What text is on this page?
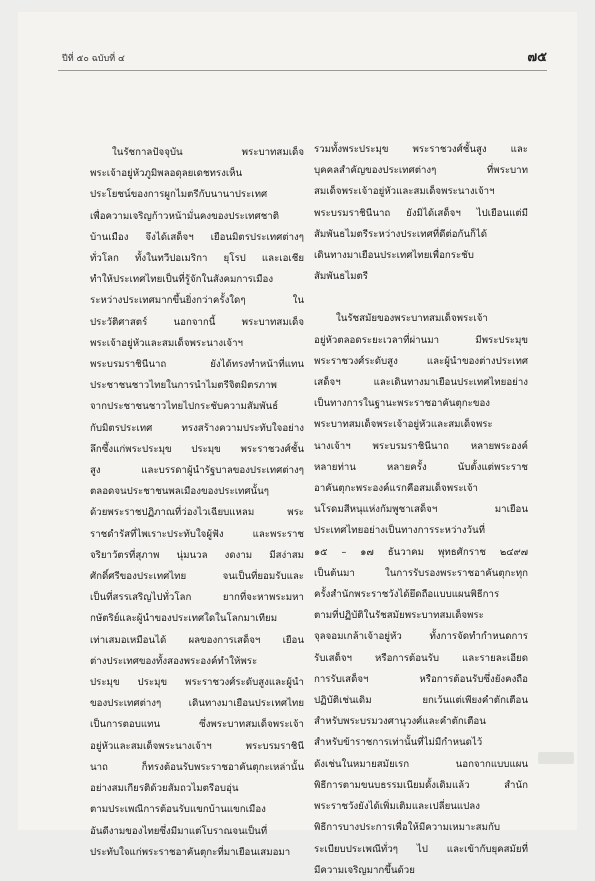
ปีที่ ๕๐ ฉบับที่ ๔	๗๕

ในรัชกาลปัจจุบัน พระบาทสมเด็จ
พระเจ้าอยู่หัวภูมิพลอดุลยเดชทรงเห็น
ประโยชน์ของการผูกไมตรีกับนานาประเทศ
เพื่อความเจริญก้าวหน้ามั่นคงของประเทศชาติ
บ้านเมือง จึงได้เสด็จฯ เยือนมิตรประเทศต่างๆ
ทั่วโลก ทั้งในทวีปอเมริกา ยุโรป และเอเชีย
ทำให้ประเทศไทยเป็นที่รู้จักในสังคมการเมือง
ระหว่างประเทศมากขึ้นยิ่งกว่าครั้งใดๆ ใน
ประวัติศาสตร์ นอกจากนี้ พระบาทสมเด็จ
พระเจ้าอยู่หัวและสมเด็จพระนางเจ้าฯ
พระบรมราชินีนาถ ยังได้ทรงทำหน้าที่แทน
ประชาชนชาวไทยในการนำไมตรีจิตมิตรภาพ
จากประชาชนชาวไทยไปกระชับความสัมพันธ์
กับมิตรประเทศ ทรงสร้างความประทับใจอย่าง
ลึกซึ้งแก่พระประมุข ประมุข พระราชวงศ์ชั้น
สูง และบรรดาผู้นำรัฐบาลของประเทศต่างๆ
ตลอดจนประชาชนพลเมืองของประเทศนั้นๆ
ด้วยพระราชปฏิภาณที่ว่องไวเฉียบแหลม พระ
ราชดำรัสที่ไพเราะประทับใจผู้ฟัง และพระราช
จริยาวัตรที่สุภาพ นุ่มนวล งดงาม มีสง่าสม
ศักดิ์ศรีของประเทศไทย จนเป็นที่ยอมรับและ
เป็นที่สรรเสริญไปทั่วโลก ยากที่จะหาพระมหา
กษัตริย์และผู้นำของประเทศใดในโลกมาเทียม
เท่าเสมอเหมือนได้ ผลของการเสด็จฯ เยือน
ต่างประเทศของทั้งสองพระองค์ทำให้พระ
ประมุข ประมุข พระราชวงศ์ระดับสูงและผู้นำ
ของประเทศต่างๆ เดินทางมาเยือนประเทศไทย
เป็นการตอบแทน ซึ่งพระบาทสมเด็จพระเจ้า
อยู่หัวและสมเด็จพระนางเจ้าฯ พระบรมราชินี
นาถ ก็ทรงต้อนรับพระราชอาคันตุกะเหล่านั้น
อย่างสมเกียรติด้วยสัมถวไมตรีอบอุ่น
ตามประเพณีการต้อนรับแขกบ้านแขกเมือง
อันดีงามของไทยซึ่งมีมาแต่โบราณจนเป็นที่
ประทับใจแก่พระราชอาคันตุกะที่มาเยือนเสมอมา

รวมทั้งพระประมุข พระราชวงศ์ชั้นสูง และ
บุคคลสำคัญของประเทศต่างๆ ที่พระบาท
สมเด็จพระเจ้าอยู่หัวและสมเด็จพระนางเจ้าฯ
พระบรมราชินีนาถ ยังมิได้เสด็จฯ ไปเยือนแต่มี
สัมพันธไมตรีระหว่างประเทศที่ดีต่อกันก็ได้
เดินทางมาเยือนประเทศไทยเพื่อกระชับ
สัมพันธไมตรี

ในรัชสมัยของพระบาทสมเด็จพระเจ้า
อยู่หัวตลอดระยะเวลาที่ผ่านมา มีพระประมุข
พระราชวงศ์ระดับสูง และผู้นำของต่างประเทศ
เสด็จฯ และเดินทางมาเยือนประเทศไทยอย่าง
เป็นทางการในฐานะพระราชอาคันตุกะของ
พระบาทสมเด็จพระเจ้าอยู่หัวและสมเด็จพระ
นางเจ้าฯ พระบรมราชินีนาถ หลายพระองค์
หลายท่าน หลายครั้ง นับตั้งแต่พระราช
อาคันตุกะพระองค์แรกคือสมเด็จพระเจ้า
นโรดมสีหนุแห่งกัมพูชาเสด็จฯ มาเยือน
ประเทศไทยอย่างเป็นทางการระหว่างวันที่
๑๕ – ๑๗ ธันวาคม พุทธศักราช ๒๔๙๗
เป็นต้นมา ในการรับรองพระราชอาคันตุกะทุก
ครั้งสำนักพระราชวังได้ยึดถือแบบแผนพิธีการ
ตามที่ปฏิบัติในรัชสมัยพระบาทสมเด็จพระ
จุลจอมเกล้าเจ้าอยู่หัว ทั้งการจัดทำกำหนดการ
รับเสด็จฯ หรือการต้อนรับ และรายละเอียด
การรับเสด็จฯ หรือการต้อนรับซึ่งยังคงถือ
ปฏิบัติเช่นเดิม ยกเว้นแต่เพียงคำตักเตือน
สำหรับพระบรมวงศานุวงศ์และคำตักเตือน
สำหรับข้าราชการเท่านั้นที่ไม่มีกำหนดไว้
ดังเช่นในหมายสมัยเรก นอกจากแบบแผน
พิธีการตามขนบธรรมเนียมดั้งเดิมแล้ว สำนัก
พระราชวังยังได้เพิ่มเติมและเปลี่ยนแปลง
พิธีการบางประการเพื่อให้มีความเหมาะสมกับ
ระเบียบประเพณีทั่วๆ ไป และเข้ากับยุคสมัยที่
มีความเจริญมากขึ้นด้วย
